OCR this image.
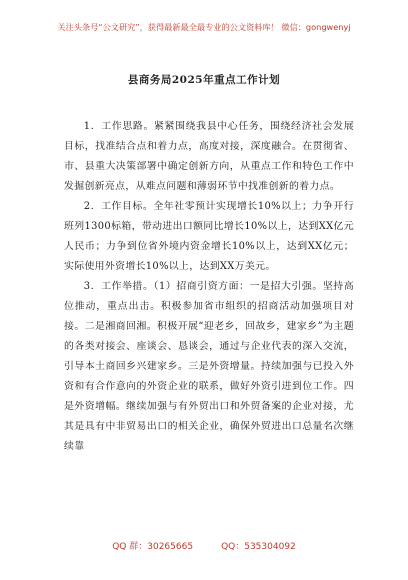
关注头条号“公文研究”，获得最新最全最专业的公文资料库！ 微信：gongwenyj
县商务局2025年重点工作计划

1．工作思路。紧紧围绕我县中心任务，围绕经济社会发展目标，找准结合点和着力点，高度对接，深度融合。在贯彻省、市、县重大决策部署中确定创新方向，从重点工作和特色工作中发掘创新亮点，从难点问题和薄弱环节中找准创新的着力点。

2．工作目标。全年社零预计实现增长10%以上；力争开行班列1300标箱，带动进出口额同比增长10%以上，达到XX亿元人民币；力争到位省外境内资金增长10%以上，达到XX亿元；实际使用外资增长10%以上，达到XX万美元。

3．工作举措。（1）招商引资方面：一是招大引强。坚持高位推动，重点出击。积极参加省市组织的招商活动加强项目对接。二是湘商回湘。积极开展“迎老乡，回故乡，建家乡”为主题的各类对接会、座谈会、恳谈会，通过与企业代表的深入交流，引导本土商回乡兴建家乡。三是外资增量。持续加强与已投入外资和有合作意向的外资企业的联系，做好外资引进到位工作。四是外资增幅。继续加强与有外贸出口和外贸备案的企业对接，尤其是具有中非贸易出口的相关企业，确保外贸进出口总量名次继续靠

QQ 群：30265665	QQ：535304092
